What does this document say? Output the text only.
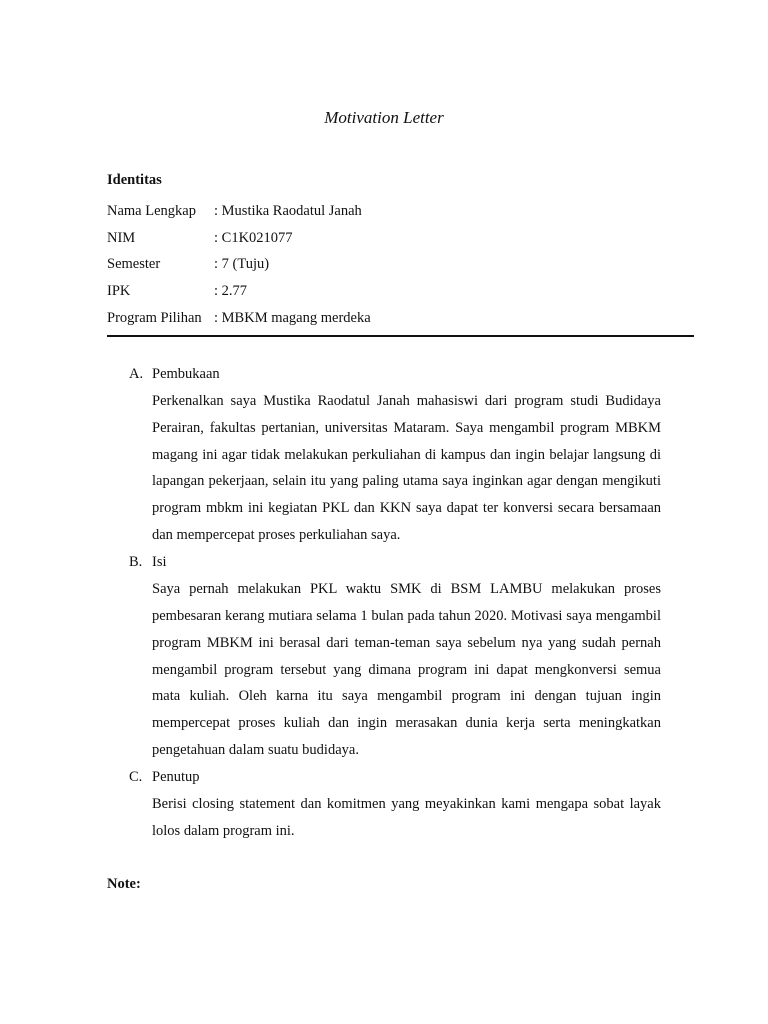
Motivation Letter
Identitas
Nama Lengkap : Mustika Raodatul Janah
NIM	: C1K021077
Semester	: 7 (Tuju)
IPK	: 2.77
Program Pilihan : MBKM magang merdeka
A. Pembukaan
Perkenalkan saya Mustika Raodatul Janah mahasiswi dari program studi Budidaya Perairan, fakultas pertanian, universitas Mataram. Saya mengambil program MBKM magang ini agar tidak melakukan perkuliahan di kampus dan ingin belajar langsung di lapangan pekerjaan, selain itu yang paling utama saya inginkan agar dengan mengikuti program mbkm ini kegiatan PKL dan KKN saya dapat ter konversi secara bersamaan dan mempercepat proses perkuliahan saya.
B. Isi
Saya pernah melakukan PKL waktu SMK di BSM LAMBU melakukan proses pembesaran kerang mutiara selama 1 bulan pada tahun 2020. Motivasi saya mengambil program MBKM ini berasal dari teman-teman saya sebelum nya yang sudah pernah mengambil program tersebut yang dimana program ini dapat mengkonversi semua mata kuliah. Oleh karna itu saya mengambil program ini dengan tujuan ingin mempercepat proses kuliah dan ingin merasakan dunia kerja serta meningkatkan pengetahuan dalam suatu budidaya.
C. Penutup
Berisi closing statement dan komitmen yang meyakinkan kami mengapa sobat layak lolos dalam program ini.
Note:
